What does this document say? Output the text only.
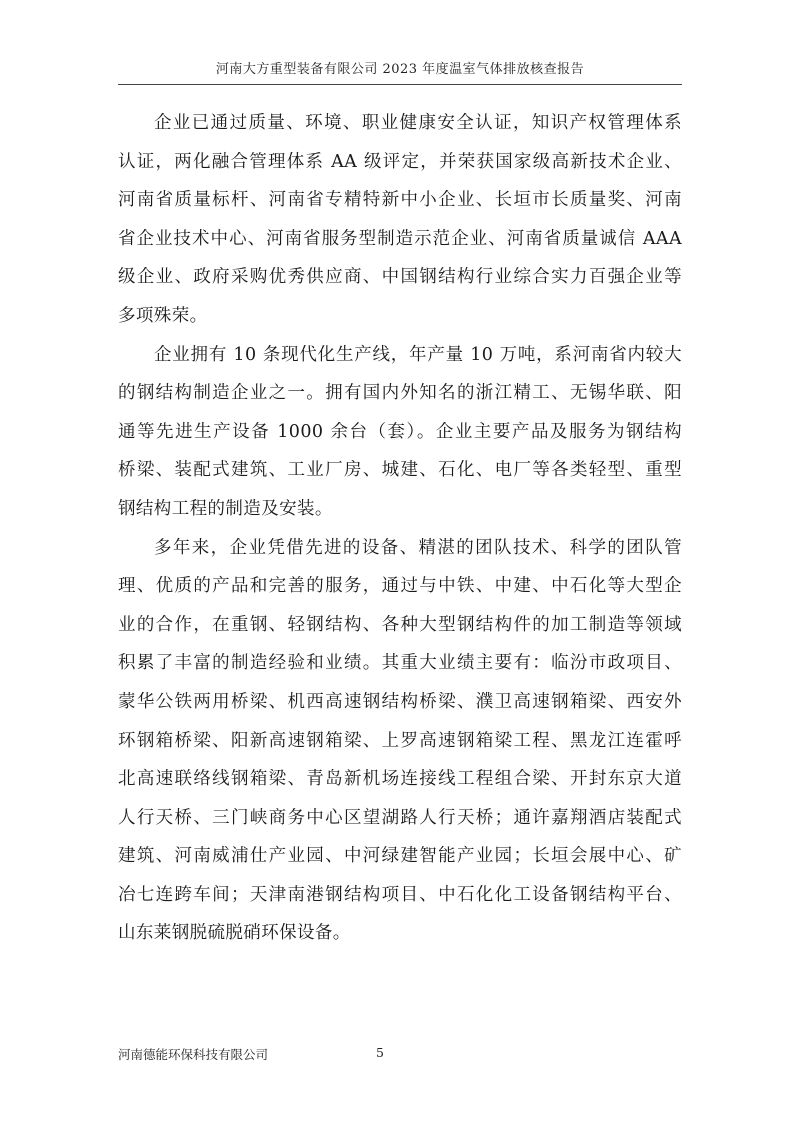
河南大方重型装备有限公司 2023 年度温室气体排放核查报告
企业已通过质量、环境、职业健康安全认证，知识产权管理体系
认证，两化融合管理体系 AA 级评定，并荣获国家级高新技术企业、
河南省质量标杆、河南省专精特新中小企业、长垣市长质量奖、河南
省企业技术中心、河南省服务型制造示范企业、河南省质量诚信 AAA
级企业、政府采购优秀供应商、中国钢结构行业综合实力百强企业等
多项殊荣。
企业拥有 10 条现代化生产线，年产量 10 万吨，系河南省内较大
的钢结构制造企业之一。拥有国内外知名的浙江精工、无锡华联、阳
通等先进生产设备 1000 余台（套）。企业主要产品及服务为钢结构
桥梁、装配式建筑、工业厂房、城建、石化、电厂等各类轻型、重型
钢结构工程的制造及安装。
多年来，企业凭借先进的设备、精湛的团队技术、科学的团队管
理、优质的产品和完善的服务，通过与中铁、中建、中石化等大型企
业的合作，在重钢、轻钢结构、各种大型钢结构件的加工制造等领域
积累了丰富的制造经验和业绩。其重大业绩主要有：临汾市政项目、
蒙华公铁两用桥梁、机西高速钢结构桥梁、濮卫高速钢箱梁、西安外
环钢箱桥梁、阳新高速钢箱梁、上罗高速钢箱梁工程、黑龙江连霍呼
北高速联络线钢箱梁、青岛新机场连接线工程组合梁、开封东京大道
人行天桥、三门峡商务中心区望湖路人行天桥；通许嘉翔酒店装配式
建筑、河南威浦仕产业园、中河绿建智能产业园；长垣会展中心、矿
冶七连跨车间；天津南港钢结构项目、中石化化工设备钢结构平台、
山东莱钢脱硫脱硝环保设备。
河南德能环保科技有限公司	5
